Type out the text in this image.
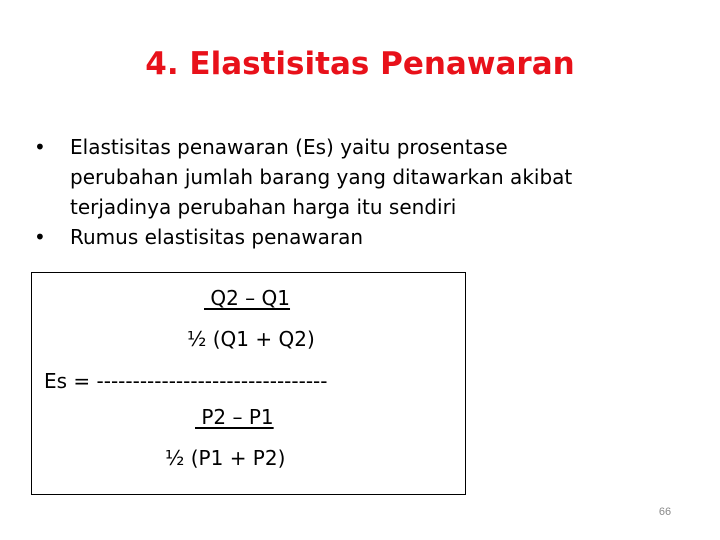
4. Elastisitas Penawaran
•	Elastisitas penawaran (Es) yaitu prosentase
perubahan jumlah barang yang ditawarkan akibat
terjadinya perubahan harga itu sendiri
•	Rumus elastisitas penawaran
Q2 – Q1
½ (Q1 + Q2)
Es = --------------------------------
P2 – P1
½ (P1 + P2)
66
